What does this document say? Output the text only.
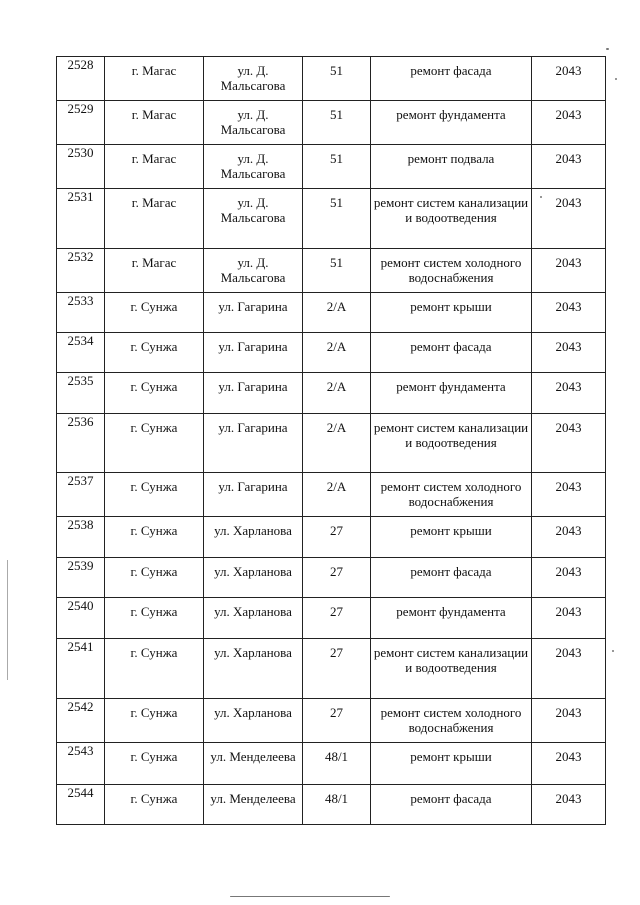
2528	г. Магас	ул. Д. Мальсагова	51	ремонт фасада	2043

2529	г. Магас	ул. Д. Мальсагова	51	ремонт фундамента	2043

2530	г. Магас	ул. Д. Мальсагова	51	ремонт подвала	2043

2531	г. Магас	ул. Д. Мальсагова	51	ремонт систем канализации и водоотведения	2043

2532	г. Магас	ул. Д. Мальсагова	51	ремонт систем холодного водоснабжения	2043

2533	г. Сунжа	ул. Гагарина	2/А	ремонт крыши	2043

2534	г. Сунжа	ул. Гагарина	2/А	ремонт фасада	2043

2535	г. Сунжа	ул. Гагарина	2/А	ремонт фундамента	2043

2536	г. Сунжа	ул. Гагарина	2/А	ремонт систем канализации и водоотведения	2043

2537	г. Сунжа	ул. Гагарина	2/А	ремонт систем холодного водоснабжения	2043

2538	г. Сунжа	ул. Харланова	27	ремонт крыши	2043

2539	г. Сунжа	ул. Харланова	27	ремонт фасада	2043

2540	г. Сунжа	ул. Харланова	27	ремонт фундамента	2043

2541	г. Сунжа	ул. Харланова	27	ремонт систем канализации и водоотведения	2043

2542	г. Сунжа	ул. Харланова	27	ремонт систем холодного водоснабжения	2043

2543	г. Сунжа	ул. Менделеева	48/1	ремонт крыши	2043

2544	г. Сунжа	ул. Менделеева	48/1	ремонт фасада	2043
